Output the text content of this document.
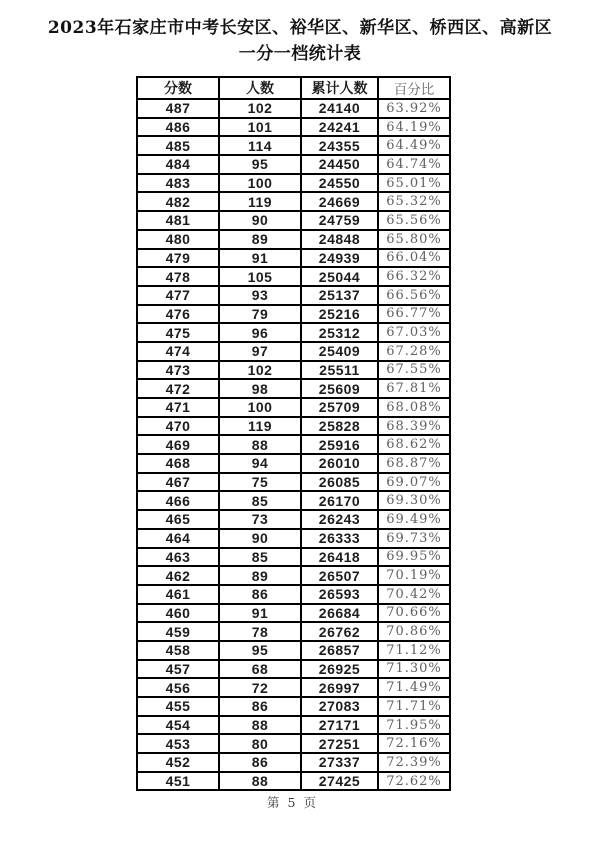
2023年石家庄市中考长安区、裕华区、新华区、桥西区、高新区
一分一档统计表
分数	人数	累计人数	百分比
487	102	24140	63.92%
486	101	24241	64.19%
485	114	24355	64.49%
484	95	24450	64.74%
483	100	24550	65.01%
482	119	24669	65.32%
481	90	24759	65.56%
480	89	24848	65.80%
479	91	24939	66.04%
478	105	25044	66.32%
477	93	25137	66.56%
476	79	25216	66.77%
475	96	25312	67.03%
474	97	25409	67.28%
473	102	25511	67.55%
472	98	25609	67.81%
471	100	25709	68.08%
470	119	25828	68.39%
469	88	25916	68.62%
468	94	26010	68.87%
467	75	26085	69.07%
466	85	26170	69.30%
465	73	26243	69.49%
464	90	26333	69.73%
463	85	26418	69.95%
462	89	26507	70.19%
461	86	26593	70.42%
460	91	26684	70.66%
459	78	26762	70.86%
458	95	26857	71.12%
457	68	26925	71.30%
456	72	26997	71.49%
455	86	27083	71.71%
454	88	27171	71.95%
453	80	27251	72.16%
452	86	27337	72.39%
451	88	27425	72.62%
第 5 页
